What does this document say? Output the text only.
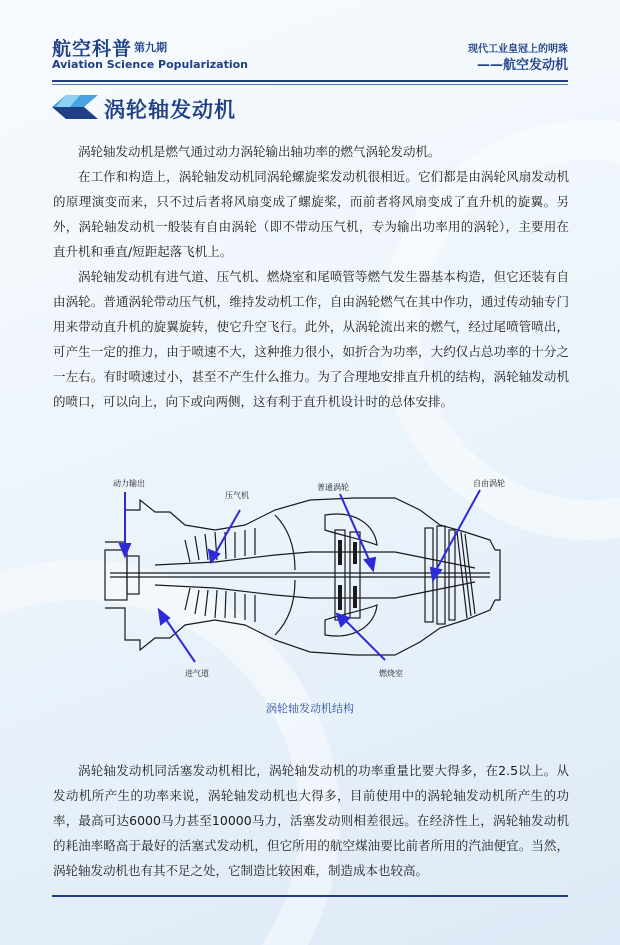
航空科普 第九期
Aviation Science Popularization
现代工业皇冠上的明珠
——航空发动机
涡轮轴发动机

涡轮轴发动机是燃气通过动力涡轮输出轴功率的燃气涡轮发动机。

在工作和构造上，涡轮轴发动机同涡轮螺旋桨发动机很相近。它们都是由涡轮风扇发动机的原理演变而来，只不过后者将风扇变成了螺旋桨，而前者将风扇变成了直升机的旋翼。另外，涡轮轴发动机一般装有自由涡轮（即不带动压气机，专为输出功率用的涡轮），主要用在直升机和垂直/短距起落飞机上。

涡轮轴发动机有进气道、压气机、燃烧室和尾喷管等燃气发生器基本构造，但它还装有自由涡轮。普通涡轮带动压气机，维持发动机工作，自由涡轮燃气在其中作功，通过传动轴专门用来带动直升机的旋翼旋转，使它升空飞行。此外，从涡轮流出来的燃气，经过尾喷管喷出，可产生一定的推力，由于喷速不大，这种推力很小，如折合为功率，大约仅占总功率的十分之一左右。有时喷速过小，甚至不产生什么推力。为了合理地安排直升机的结构，涡轮轴发动机的喷口，可以向上，向下或向两侧，这有利于直升机设计时的总体安排。

动力输出
压气机
普通涡轮	自由涡轮
进气道	燃烧室
涡轮轴发动机结构

涡轮轴发动机同活塞发动机相比，涡轮轴发动机的功率重量比要大得多，在2.5以上。从发动机所产生的功率来说，涡轮轴发动机也大得多，目前使用中的涡轮轴发动机所产生的功率，最高可达6000马力甚至10000马力，活塞发动则相差很远。在经济性上，涡轮轴发动机的耗油率略高于最好的活塞式发动机，但它所用的航空煤油要比前者所用的汽油便宜。当然，涡轮轴发动机也有其不足之处，它制造比较困难，制造成本也较高。
